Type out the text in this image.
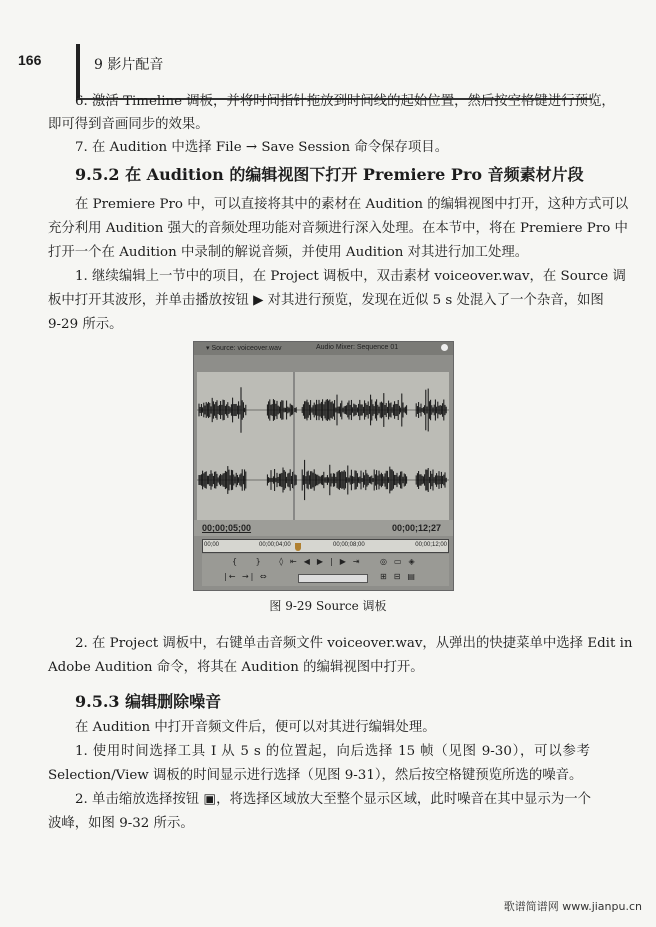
166	9 影片配音
6. 激活 Timeline 调板，并将时间指针拖放到时间线的起始位置，然后按空格键进行预览，
即可得到音画同步的效果。
7. 在 Audition 中选择 File → Save Session 命令保存项目。
在 Premiere Pro 中，可以直接将其中的素材在 Audition 的编辑视图中打开，这种方式可以
充分利用 Audition 强大的音频处理功能对音频进行深入处理。在本节中，将在 Premiere Pro 中
打开一个在 Audition 中录制的解说音频，并使用 Audition 对其进行加工处理。
1. 继续编辑上一节中的项目，在 Project 调板中，双击素材 voiceover.wav，在 Source 调
板中打开其波形，并单击播放按钮 ▶ 对其进行预览，发现在近似 5 s 处混入了一个杂音，如图
9-29 所示。
2. 在 Project 调板中，右键单击音频文件 voiceover.wav，从弹出的快捷菜单中选择 Edit in
Adobe Audition 命令，将其在 Audition 的编辑视图中打开。
在 Audition 中打开音频文件后，便可以对其进行编辑处理。
1. 使用时间选择工具 I 从 5 s 的位置起，向后选择 15 帧（见图 9-30），可以参考
Selection/View 调板的时间显示进行选择（见图 9-31），然后按空格键预览所选的噪音。
2. 单击缩放选择按钮 ▣，将选择区域放大至整个显示区域，此时噪音在其中显示为一个
波峰，如图 9-32 所示。
9.5.2 在 Audition 的编辑视图下打开 Premiere Pro 音频素材片段
9.5.3 编辑删除噪音
▾ Source: voiceover.wav	Audio Mixer: Sequence 01
00;00;05;00	00;00;12;27
00;00	00;00;04;00	00;00;08;00	00;00;12;00
{ } ◊
⇤◀▶|▶⇥ ◎▭◈
|← →| ⇔	⊞⊟▤
图 9-29 Source 调板
歌谱简谱网 www.jianpu.cn
